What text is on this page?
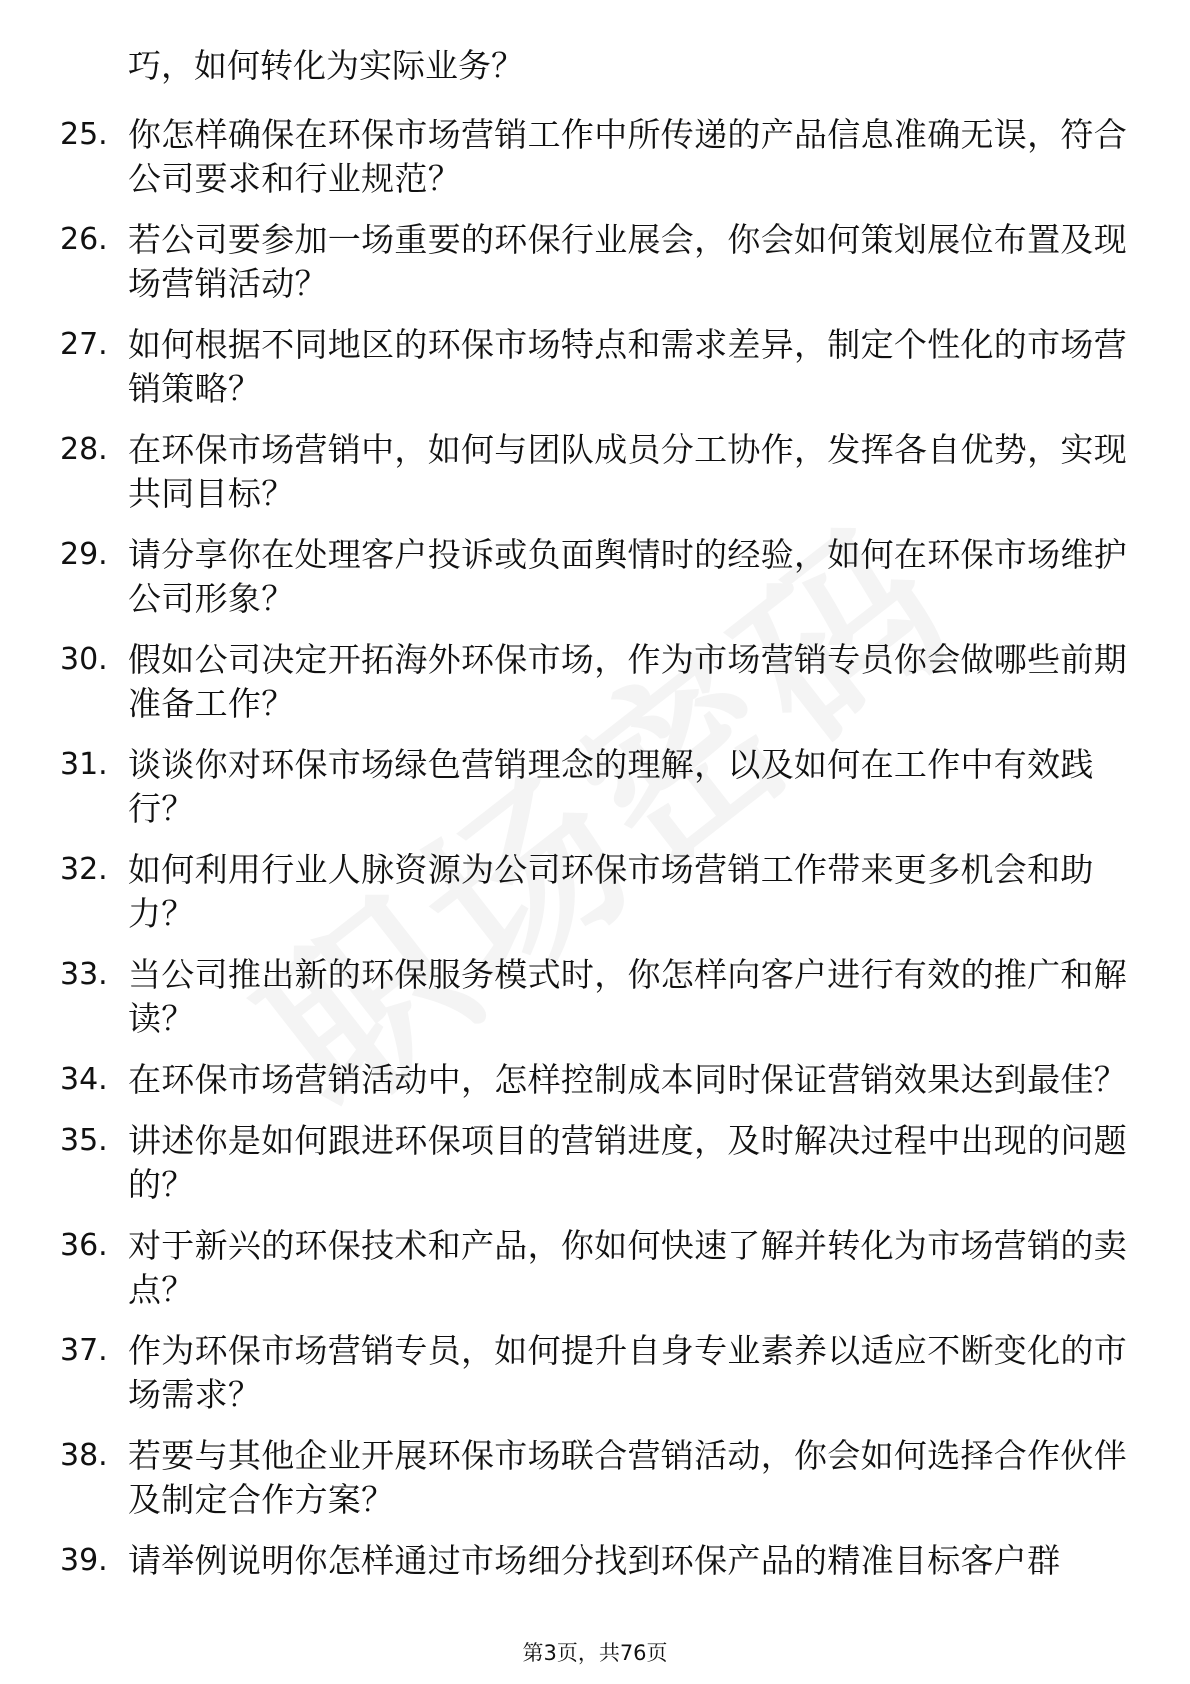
巧，如何转化为实际业务？
25. 你怎样确保在环保市场营销工作中所传递的产品信息准确无误，符合公司要求和行业规范？
26. 若公司要参加一场重要的环保行业展会，你会如何策划展位布置及现场营销活动？
27. 如何根据不同地区的环保市场特点和需求差异，制定个性化的市场营销策略？
28. 在环保市场营销中，如何与团队成员分工协作，发挥各自优势，实现共同目标？
29. 请分享你在处理客户投诉或负面舆情时的经验，如何在环保市场维护公司形象？
30. 假如公司决定开拓海外环保市场，作为市场营销专员你会做哪些前期准备工作？
31. 谈谈你对环保市场绿色营销理念的理解，以及如何在工作中有效践行？
32. 如何利用行业人脉资源为公司环保市场营销工作带来更多机会和助力？
33. 当公司推出新的环保服务模式时，你怎样向客户进行有效的推广和解读？
34. 在环保市场营销活动中，怎样控制成本同时保证营销效果达到最佳？
35. 讲述你是如何跟进环保项目的营销进度，及时解决过程中出现的问题的？
36. 对于新兴的环保技术和产品，你如何快速了解并转化为市场营销的卖点？
37. 作为环保市场营销专员，如何提升自身专业素养以适应不断变化的市场需求？
38. 若要与其他企业开展环保市场联合营销活动，你会如何选择合作伙伴及制定合作方案？
39. 请举例说明你怎样通过市场细分找到环保产品的精准目标客户群
第3页，共76页
